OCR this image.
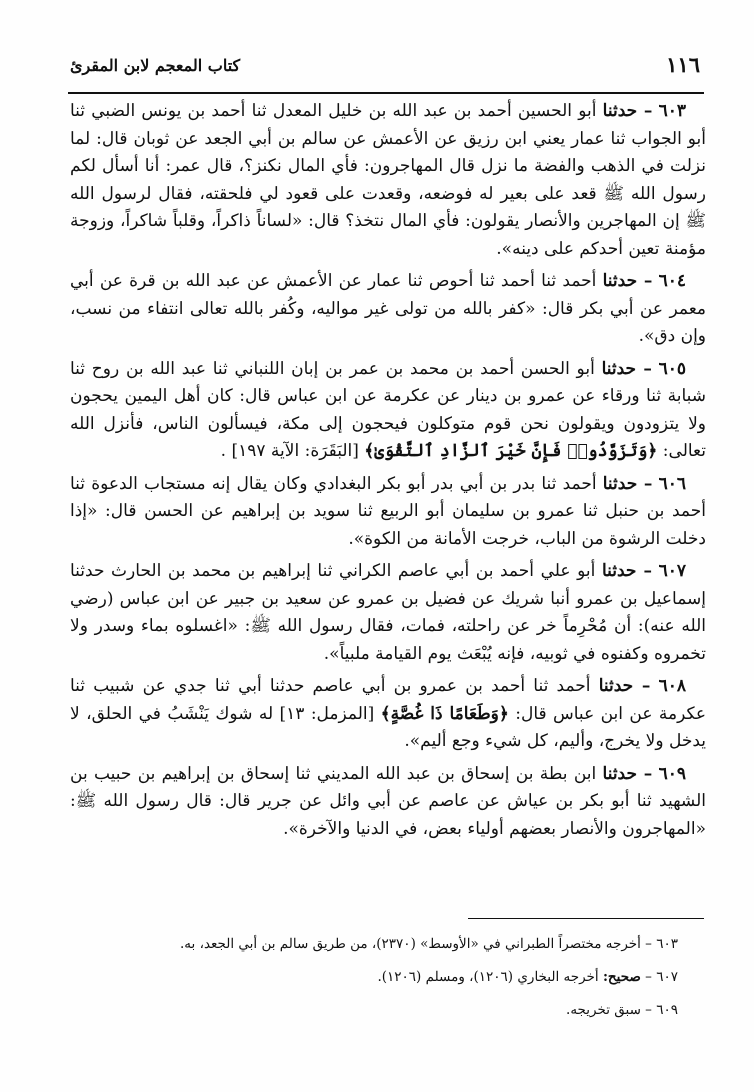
١١٦
كتاب المعجم لابن المقرئ

٦٠٣ – حدثنا أبو الحسين أحمد بن عبد الله بن خليل المعدل ثنا أحمد بن يونس الضبي ثنا أبو الجواب ثنا عمار يعني ابن رزيق عن الأعمش عن سالم بن أبي الجعد عن ثوبان قال: لما نزلت في الذهب والفضة ما نزل قال المهاجرون: فأي المال نكنز؟، قال عمر: أنا أسأل لكم رسول الله ﷺ قعد على بعير له فوضعه، وقعدت على قعود لي فلحقته، فقال لرسول الله ﷺ إن المهاجرين والأنصار يقولون: فأي المال نتخذ؟ قال: «لساناً ذاكراً، وقلباً شاكراً، وزوجة مؤمنة تعين أحدكم على دينه».

٦٠٤ – حدثنا أحمد ثنا أحمد ثنا أحوص ثنا عمار عن الأعمش عن عبد الله بن قرة عن أبي معمر عن أبي بكر قال: «كفر بالله من تولى غير مواليه، وكُفر بالله تعالى انتفاء من نسب، وإن دق».

٦٠٥ – حدثنا أبو الحسن أحمد بن محمد بن عمر بن إبان اللنباني ثنا عبد الله بن روح ثنا شبابة ثنا ورقاء عن عمرو بن دينار عن عكرمة عن ابن عباس قال: كان أهل اليمين يحجون ولا يتزودون ويقولون نحن قوم متوكلون فيحجون إلى مكة، فيسألون الناس، فأنزل الله تعالى: ﴿وَتَزَوَّدُوا۟ فَإِنَّ خَيْرَ ٱلزَّادِ ٱلتَّقْوَىٰ﴾ [البَقَرَة: الآية ١٩٧] .

٦٠٦ – حدثنا أحمد ثنا بدر بن أبي بدر أبو بكر البغدادي وكان يقال إنه مستجاب الدعوة ثنا أحمد بن حنبل ثنا عمرو بن سليمان أبو الربيع ثنا سويد بن إبراهيم عن الحسن قال: «إذا دخلت الرشوة من الباب، خرجت الأمانة من الكوة».

٦٠٧ – حدثنا أبو علي أحمد بن أبي عاصم الكراني ثنا إبراهيم بن محمد بن الحارث حدثنا إسماعيل بن عمرو أنبا شريك عن فضيل بن عمرو عن سعيد بن جبير عن ابن عباس (رضي الله عنه): أن مُحْرِماً خر عن راحلته، فمات، فقال رسول الله ﷺ: «اغسلوه بماء وسدر ولا تخمروه وكفنوه في ثوبيه، فإنه يُبْعَث يوم القيامة ملبياً».

٦٠٨ – حدثنا أحمد ثنا أحمد بن عمرو بن أبي عاصم حدثنا أبي ثنا جدي عن شبيب ثنا عكرمة عن ابن عباس قال: ﴿وَطَعَامًا ذَا غُصَّةٍ﴾ [المزمل: ١٣] له شوك يَنْشَبُ في الحلق، لا يدخل ولا يخرج، وأليم، كل شيء وجع أليم».

٦٠٩ – حدثنا ابن بطة بن إسحاق بن عبد الله المديني ثنا إسحاق بن إبراهيم بن حبيب بن الشهيد ثنا أبو بكر بن عياش عن عاصم عن أبي وائل عن جرير قال: قال رسول الله ﷺ: «المهاجرون والأنصار بعضهم أولياء بعض، في الدنيا والآخرة».

٦٠٣ – أخرجه مختصراً الطبراني في «الأوسط» (٢٣٧٠)، من طريق سالم بن أبي الجعد، به.

٦٠٧ – صحيح: أخرجه البخاري (١٢٠٦)، ومسلم (١٢٠٦).

٦٠٩ – سبق تخريجه.
